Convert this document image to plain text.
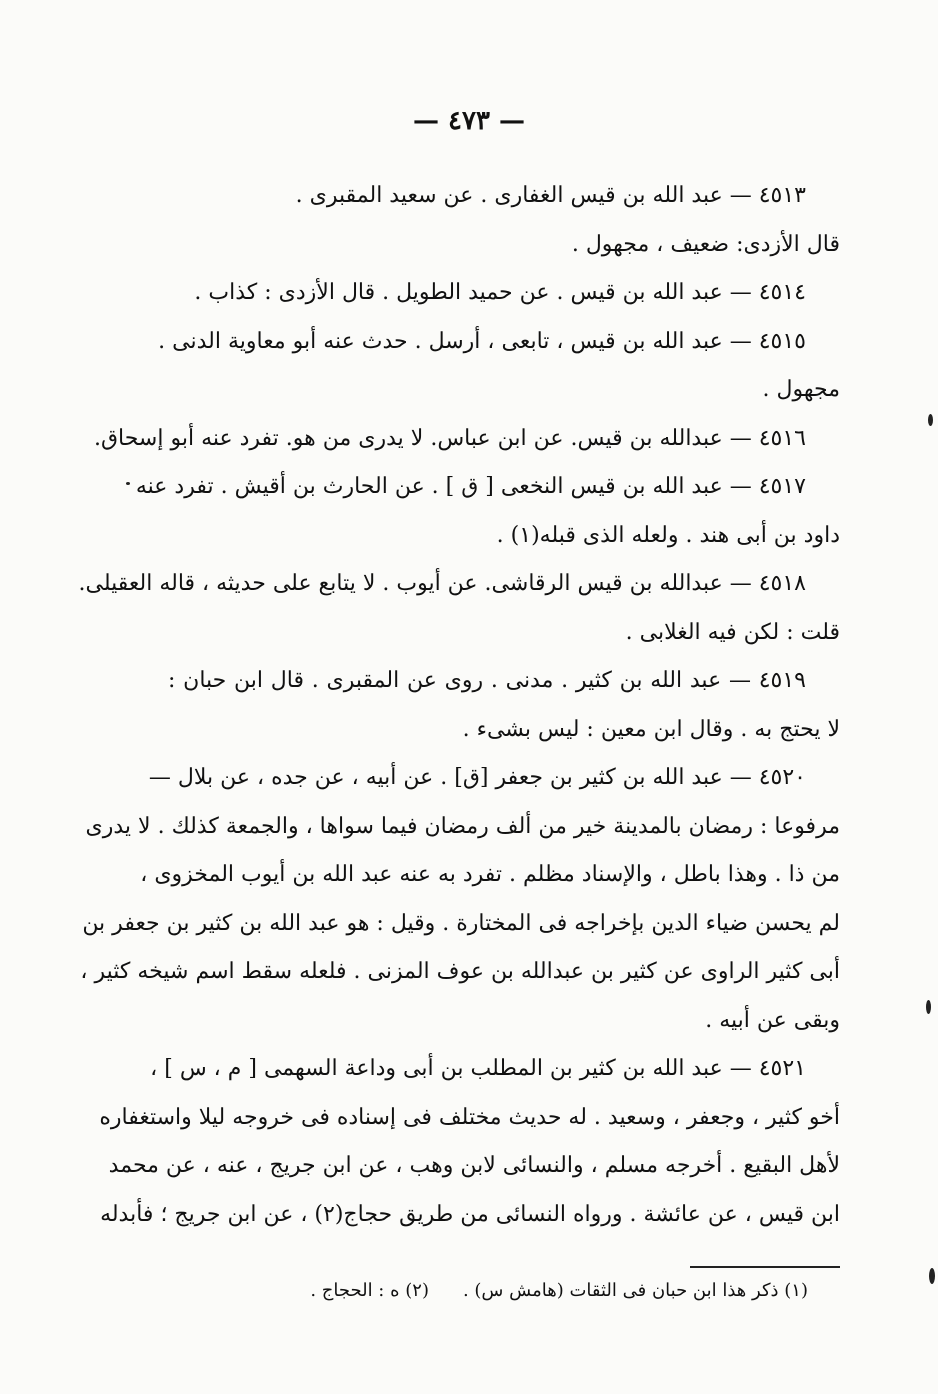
— ٤٧٣ —
٤٥١٣ — عبد الله بن قيس الغفارى . عن سعيد المقبرى .
قال الأزدى: ضعيف ، مجهول .
٤٥١٤ — عبد الله بن قيس . عن حميد الطويل . قال الأزدى : كذاب .
٤٥١٥ — عبد الله بن قيس ، تابعى ، أرسل . حدث عنه أبو معاوية الدنى .
مجهول .
٤٥١٦ — عبدالله بن قيس. عن ابن عباس. لا يدرى من هو. تفرد عنه أبو إسحاق.
٤٥١٧ — عبد الله بن قيس النخعى [ ق ] . عن الحارث بن أقيش . تفرد عنه
داود بن أبى هند . ولعله الذى قبله(١) .
٤٥١٨ — عبدالله بن قيس الرقاشى. عن أيوب . لا يتابع على حديثه ، قاله العقيلى.
قلت : لكن فيه الغلابى .
٤٥١٩ — عبد الله بن كثير . مدنى . روى عن المقبرى . قال ابن حبان :
لا يحتج به . وقال ابن معين : ليس بشىء .
٤٥٢٠ — عبد الله بن كثير بن جعفر [ق] . عن أبيه ، عن جده ، عن بلال —
مرفوعا : رمضان بالمدينة خير من ألف رمضان فيما سواها ، والجمعة كذلك . لا يدرى
من ذا . وهذا باطل ، والإسناد مظلم . تفرد به عنه عبد الله بن أيوب المخزوى ،
لم يحسن ضياء الدين بإخراجه فى المختارة . وقيل : هو عبد الله بن كثير بن جعفر بن
أبى كثير الراوى عن كثير بن عبدالله بن عوف المزنى . فلعله سقط اسم شيخه كثير ،
وبقى عن أبيه .
٤٥٢١ — عبد الله بن كثير بن المطلب بن أبى وداعة السهمى [ م ، س ] ،
أخو كثير ، وجعفر ، وسعيد . له حديث مختلف فى إسناده فى خروجه ليلا واستغفاره
لأهل البقيع . أخرجه مسلم ، والنسائى لابن وهب ، عن ابن جريج ، عنه ، عن محمد
ابن قيس ، عن عائشة . ورواه النسائى من طريق حجاج(٢) ، عن ابن جريج ؛ فأبدله
(١) ذكر هذا ابن حبان فى الثقات (هامش س) .(٢) ه : الحجاج .
